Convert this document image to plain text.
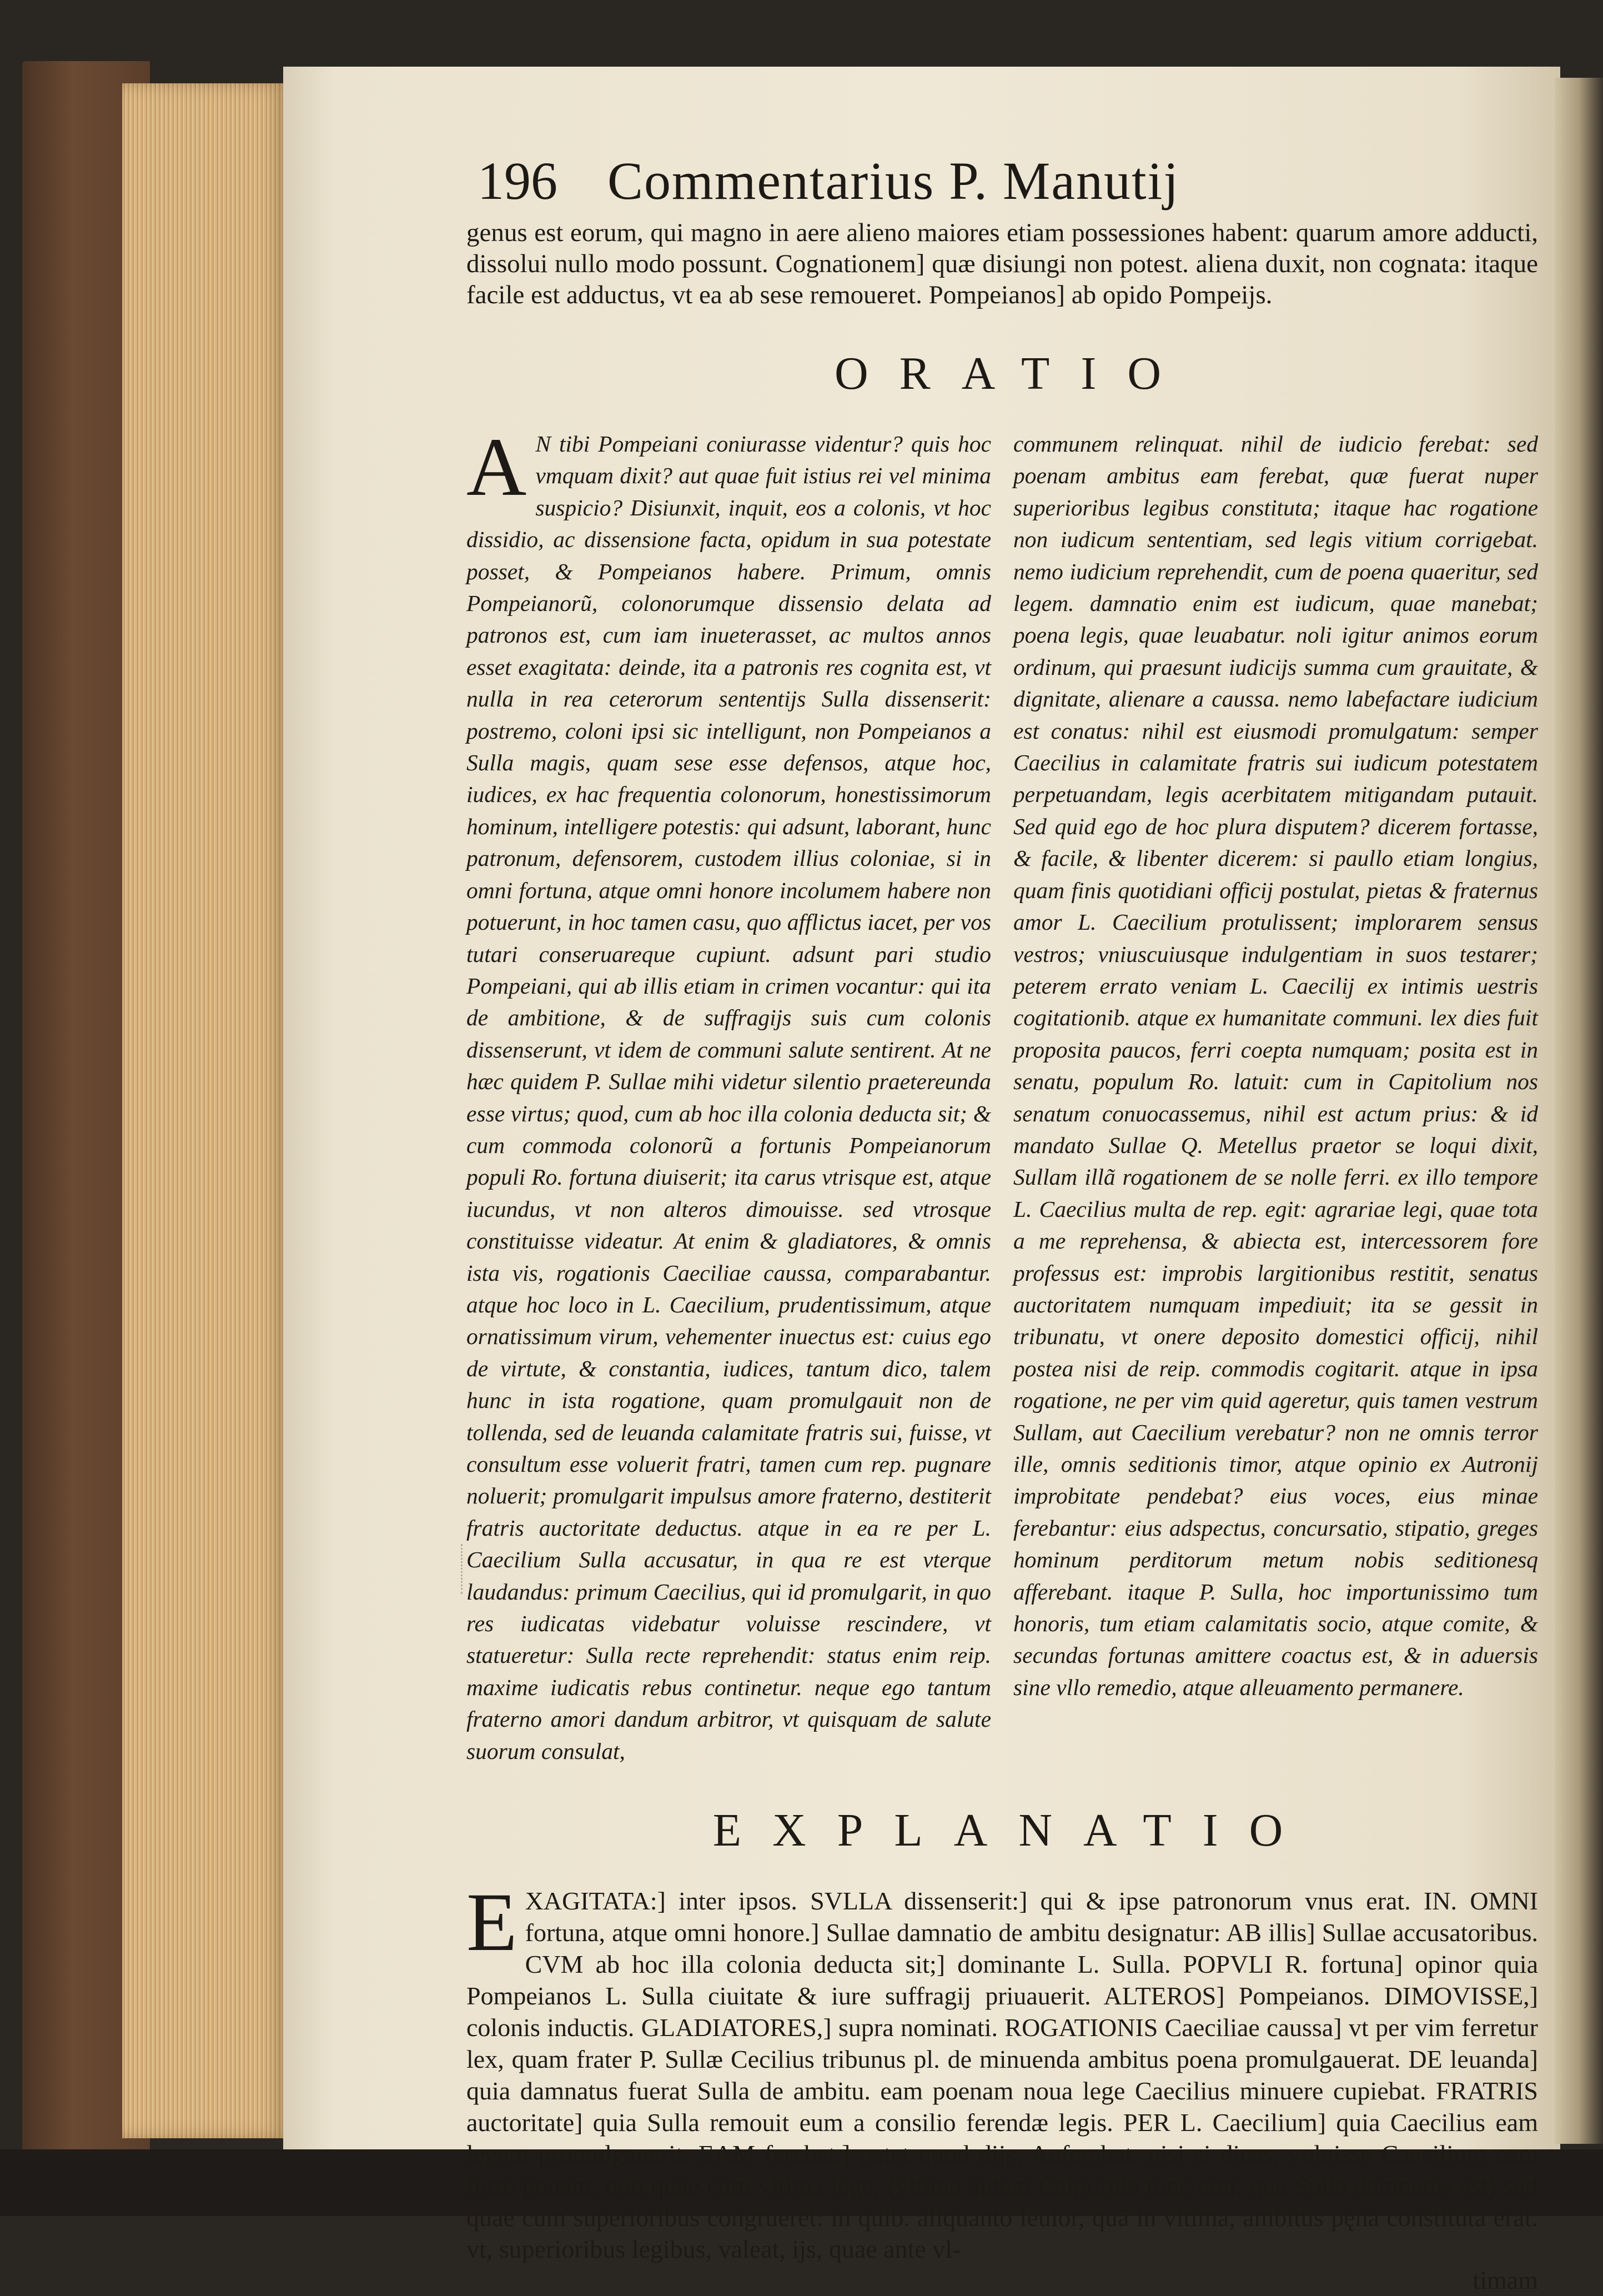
196 Commentarius P. Manutij
genus est eorum, qui magno in aere alieno maiores etiam possessiones habent: quarum amore adducti, dissolui nullo modo possunt. Cognationem] quæ disiungi non potest. aliena duxit, non cognata: itaque facile est adductus, vt ea ab sese remoueret. Pompeianos] ab opido Pompeijs.
ORATIO
A N tibi Pompeiani coniurasse videntur? quis hoc vmquam dixit? aut quae fuit istius rei vel minima suspicio? Disiunxit, inquit, eos a colonis, vt hoc dissidio, ac dissensione facta, opidum in sua potestate posset, & Pompeianos habere. Primum, omnis Pompeianorũ, colonorumque dissensio delata ad patronos est, cum iam inueterasset, ac multos annos esset exagitata: deinde, ita a patronis res cognita est, vt nulla in rea ceterorum sententijs Sulla dissenserit: postremo, coloni ipsi sic intelligunt, non Pompeianos a Sulla magis, quam sese esse defensos, atque hoc, iudices, ex hac frequentia colonorum, honestissimorum hominum, intelligere potestis: qui adsunt, laborant, hunc patronum, defensorem, custodem illius coloniae, si in omni fortuna, atque omni honore incolumem habere non potuerunt, in hoc tamen casu, quo afflictus iacet, per vos tutari conseruareque cupiunt. adsunt pari studio Pompeiani, qui ab illis etiam in crimen vocantur: qui ita de ambitione, & de suffragijs suis cum colonis dissenserunt, vt idem de communi salute sentirent. At ne hæc quidem P. Sullae mihi videtur silentio praetereunda esse virtus; quod, cum ab hoc illa colonia deducta sit; & cum commoda colonorũ a fortunis Pompeianorum populi Ro. fortuna diuiserit; ita carus vtrisque est, atque iucundus, vt non alteros dimouisse. sed vtrosque constituisse videatur. At enim & gladiatores, & omnis ista vis, rogationis Caeciliae caussa, comparabantur. atque hoc loco in L. Caecilium, prudentissimum, atque ornatissimum virum, vehementer inuectus est: cuius ego de virtute, & constantia, iudices, tantum dico, talem hunc in ista rogatione, quam promulgauit non de tollenda, sed de leuanda calamitate fratris sui, fuisse, vt consultum esse voluerit fratri, tamen cum rep. pugnare noluerit; promulgarit impulsus amore fraterno, destiterit fratris auctoritate deductus. atque in ea re per L. Caecilium Sulla accusatur, in qua re est vterque laudandus: primum Caecilius, qui id promulgarit, in quo res iudicatas videbatur voluisse rescindere, vt statueretur: Sulla recte reprehendit: status enim reip. maxime iudicatis rebus continetur. neque ego tantum fraterno amori dandum arbitror, vt quisquam de salute suorum consulat,

communem relinquat. nihil de iudicio ferebat: sed poenam ambitus eam ferebat, quæ fuerat nuper superioribus legibus constituta; itaque hac rogatione non iudicum sententiam, sed legis vitium corrigebat. nemo iudicium reprehendit, cum de poena quaeritur, sed legem. damnatio enim est iudicum, quae manebat; poena legis, quae leuabatur. noli igitur animos eorum ordinum, qui praesunt iudicijs summa cum grauitate, & dignitate, alienare a caussa. nemo labefactare iudicium est conatus: nihil est eiusmodi promulgatum: semper Caecilius in calamitate fratris sui iudicum potestatem perpetuandam, legis acerbitatem mitigandam putauit. Sed quid ego de hoc plura disputem? dicerem fortasse, & facile, & libenter dicerem: si paullo etiam longius, quam finis quotidiani officij postulat, pietas & fraternus amor L. Caecilium protulissent; implorarem sensus vestros; vniuscuiusque indulgentiam in suos testarer; peterem errato veniam L. Caecilij ex intimis uestris cogitationib. atque ex humanitate communi. lex dies fuit proposita paucos, ferri coepta numquam; posita est in senatu, populum Ro. latuit: cum in Capitolium nos senatum conuocassemus, nihil est actum prius: & id mandato Sullae Q. Metellus praetor se loqui dixit, Sullam illã rogationem de se nolle ferri. ex illo tempore L. Caecilius multa de rep. egit: agrariae legi, quae tota a me reprehensa, & abiecta est, intercessorem fore professus est: improbis largitionibus restitit, senatus auctoritatem numquam impediuit; ita se gessit in tribunatu, vt onere deposito domestici officij, nihil postea nisi de reip. commodis cogitarit. atque in ipsa rogatione, ne per vim quid ageretur, quis tamen vestrum Sullam, aut Caecilium verebatur? non ne omnis terror ille, omnis seditionis timor, atque opinio ex Autronij improbitate pendebat? eius voces, eius minae ferebantur: eius adspectus, concursatio, stipatio, greges hominum perditorum metum nobis seditionesq afferebant. itaque P. Sulla, hoc importunissimo tum honoris, tum etiam calamitatis socio, atque comite, & secundas fortunas amittere coactus est, & in aduersis sine vllo remedio, atque alleuamento permanere.

EXPLANATIO
E XAGITATA:] inter ipsos. SVLLA dissenserit:] qui & ipse patronorum vnus erat. IN. OMNI fortuna, atque omni honore.] Sullae damnatio de ambitu designatur: AB illis] Sullae accusatoribus. CVM ab hoc illa colonia deducta sit;] dominante L. Sulla. POPVLI R. fortuna] opinor quia Pompeianos L. Sulla ciuitate & iure suffragij priuauerit. ALTEROS] Pompeianos. DIMOVISSE,] colonis inductis. GLADIATORES,] supra nominati. ROGATIONIS Caeciliae caussa] vt per vim ferretur lex, quam frater P. Sullæ Cecilius tribunus pl. de minuenda ambitus poena promulgauerat. DE leuanda] quia damnatus fuerat Sulla de ambitu. eam poenam noua lege Caecilius minuere cupiebat. FRATRIS auctoritate] quia Sulla remouit eum a consilio ferendæ legis. PER L. Caecilium] quia Caecilius eam legem promulgauerit. EAM ferebat,] patet quod dijs, Auferebat. nisi si dicas, voluisse Caecilium eam ferre ponam, non quae cum vltima lege, (vltima autem Calpurnia tunc erat, qua Sulla damnatus est) sed quae cum superioribus congrueret: in quib. aliquanto leuior, quã in vltima, ambitus pęna constituta erat. vt, superioribus legibus, valeat, ijs, quae ante vl-
timam
